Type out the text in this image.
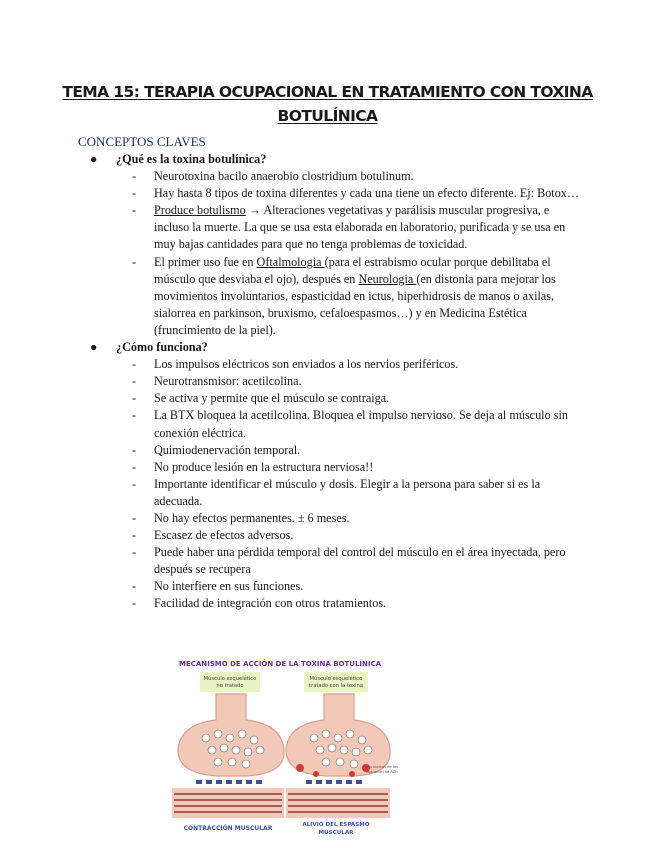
TEMA 15: TERAPIA OCUPACIONAL EN TRATAMIENTO CON TOXINA BOTULÍNICA
CONCEPTOS CLAVES
● ¿Qué es la toxina botulínica?
- Neurotoxina bacilo anaerobio clostridium botulinum.
- Hay hasta 8 tipos de toxina diferentes y cada una tiene un efecto diferente. Ej: Botox…
- Produce botulismo → Alteraciones vegetativas y parálisis muscular progresiva, e incluso la muerte. La que se usa esta elaborada en laboratorio, purificada y se usa en muy bajas cantidades para que no tenga problemas de toxicidad.
- El primer uso fue en Oftalmologia (para el estrabismo ocular porque debilitaba el músculo que desviaba el ojo), después en Neurologia (en distonia para mejorar los movimientos involuntarios, espasticidad en ictus, hiperhidrosis de manos o axilas, sialorrea en parkinson, bruxismo, cefaloespasmos…) y en Medicina Estética (fruncimiento de la piel).
● ¿Cómo funciona?
- Los impulsos eléctricos son enviados a los nervios periféricos.
- Neurotransmisor: acetilcolina.
- Se activa y permite que el músculo se contraiga.
- La BTX bloquea la acetilcolina. Bloquea el impulso nervioso. Se deja al músculo sin conexión eléctrica.
- Quimiodenervación temporal.
- No produce lesión en la estructura nerviosa!!
- Importante identificar el músculo y dosis. Elegir a la persona para saber si es la adecuada.
- No hay efectos permanentes. ± 6 meses.
- Escasez de efectos adversos.
- Puede haber una pérdida temporal del control del músculo en el área inyectada, pero después se recupera
- No interfiere en sus funciones.
- Facilidad de integración con otros tratamientos.
MECANISMO DE ACCIÓN DE LA TOXINA BOTULÍNICA
Músculo esquelético
no tratado
Músculo esquelético
tratado con la toxina
CONTRACCIÓN MUSCULAR
Los toxinas de las
liberación de ACh
ALIVIO DEL ESPASMO
MUSCULAR
